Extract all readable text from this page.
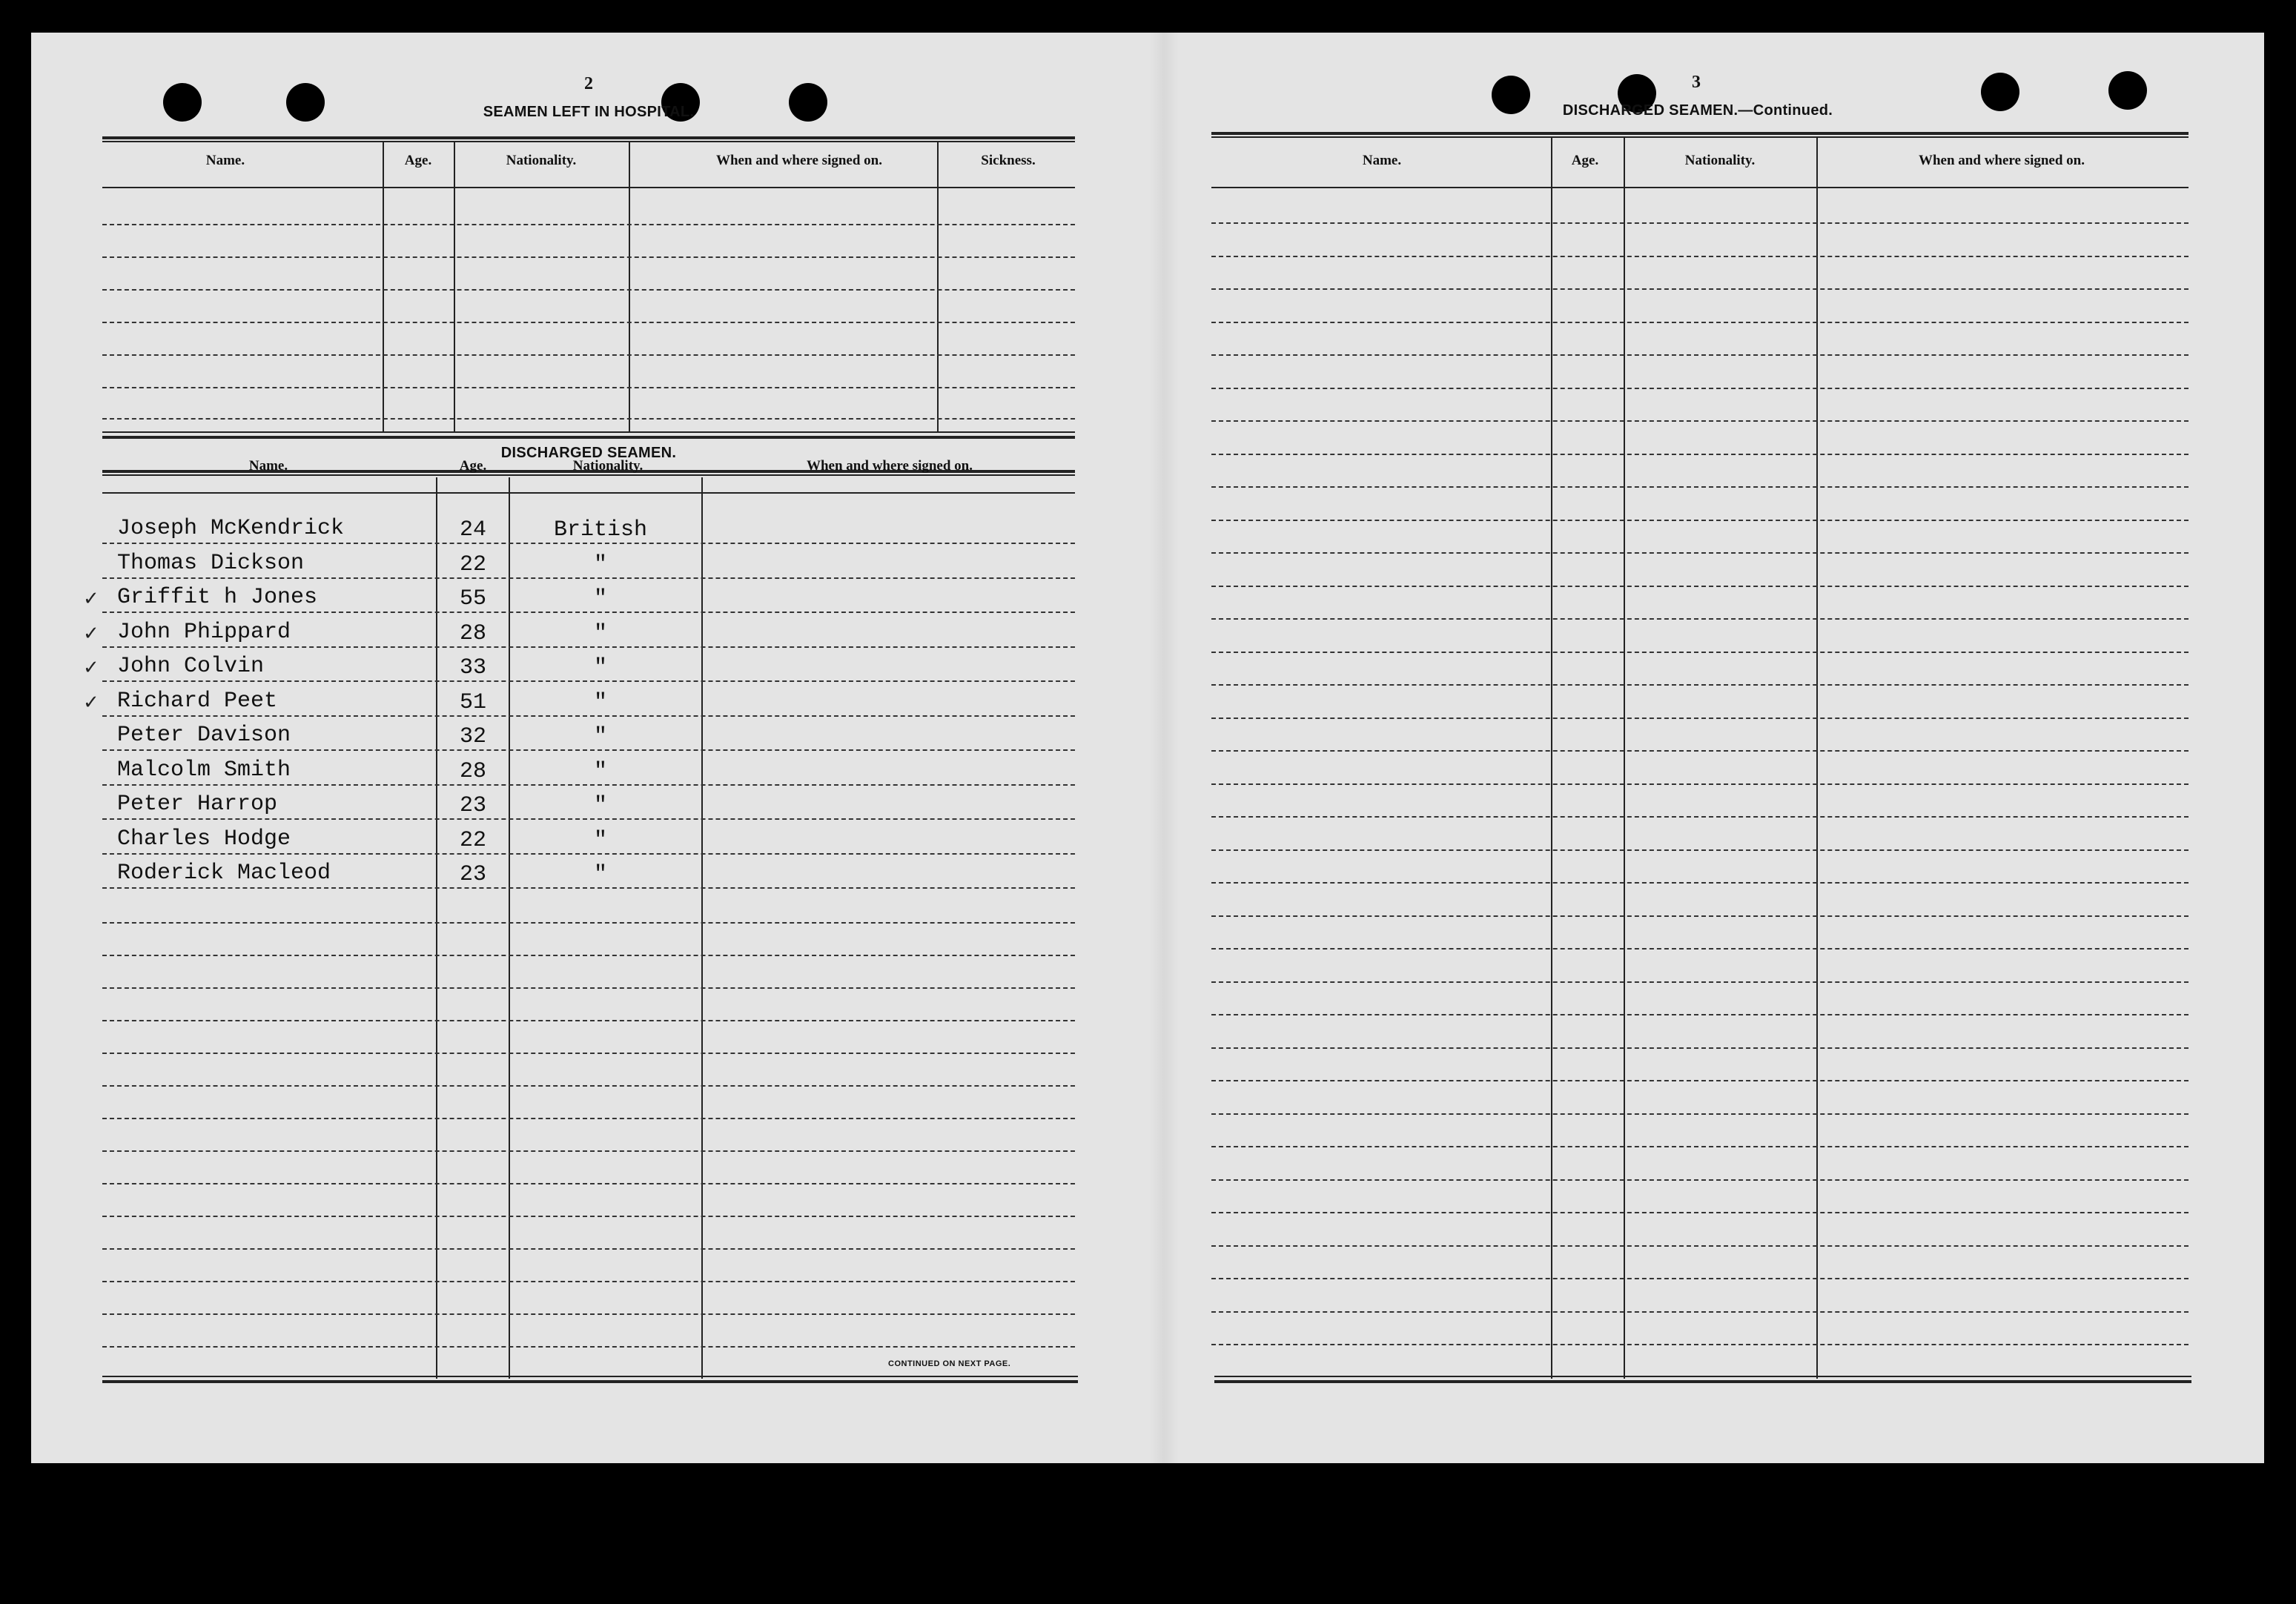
2
SEAMEN LEFT IN HOSPITAL.
Name.	Age.	Nationality.	When and where signed on.	Sickness.
DISCHARGED SEAMEN.
Name.	Age.	Nationality.	When and where signed on.
Joseph McKendrick	24	British
Thomas Dickson	22	"
✓ Griffit h Jones	55	"
✓ John Phippard	28	"
✓ John Colvin	33	"
✓ Richard Peet	51	"
Peter Davison	32	"
Malcolm Smith	28	"
Peter Harrop	23	"
Charles Hodge	22	"
Roderick Macleod	23	"
CONTINUED ON NEXT PAGE.
3
DISCHARGED SEAMEN.—Continued.
Name.	Age.	Nationality.	When and where signed on.
